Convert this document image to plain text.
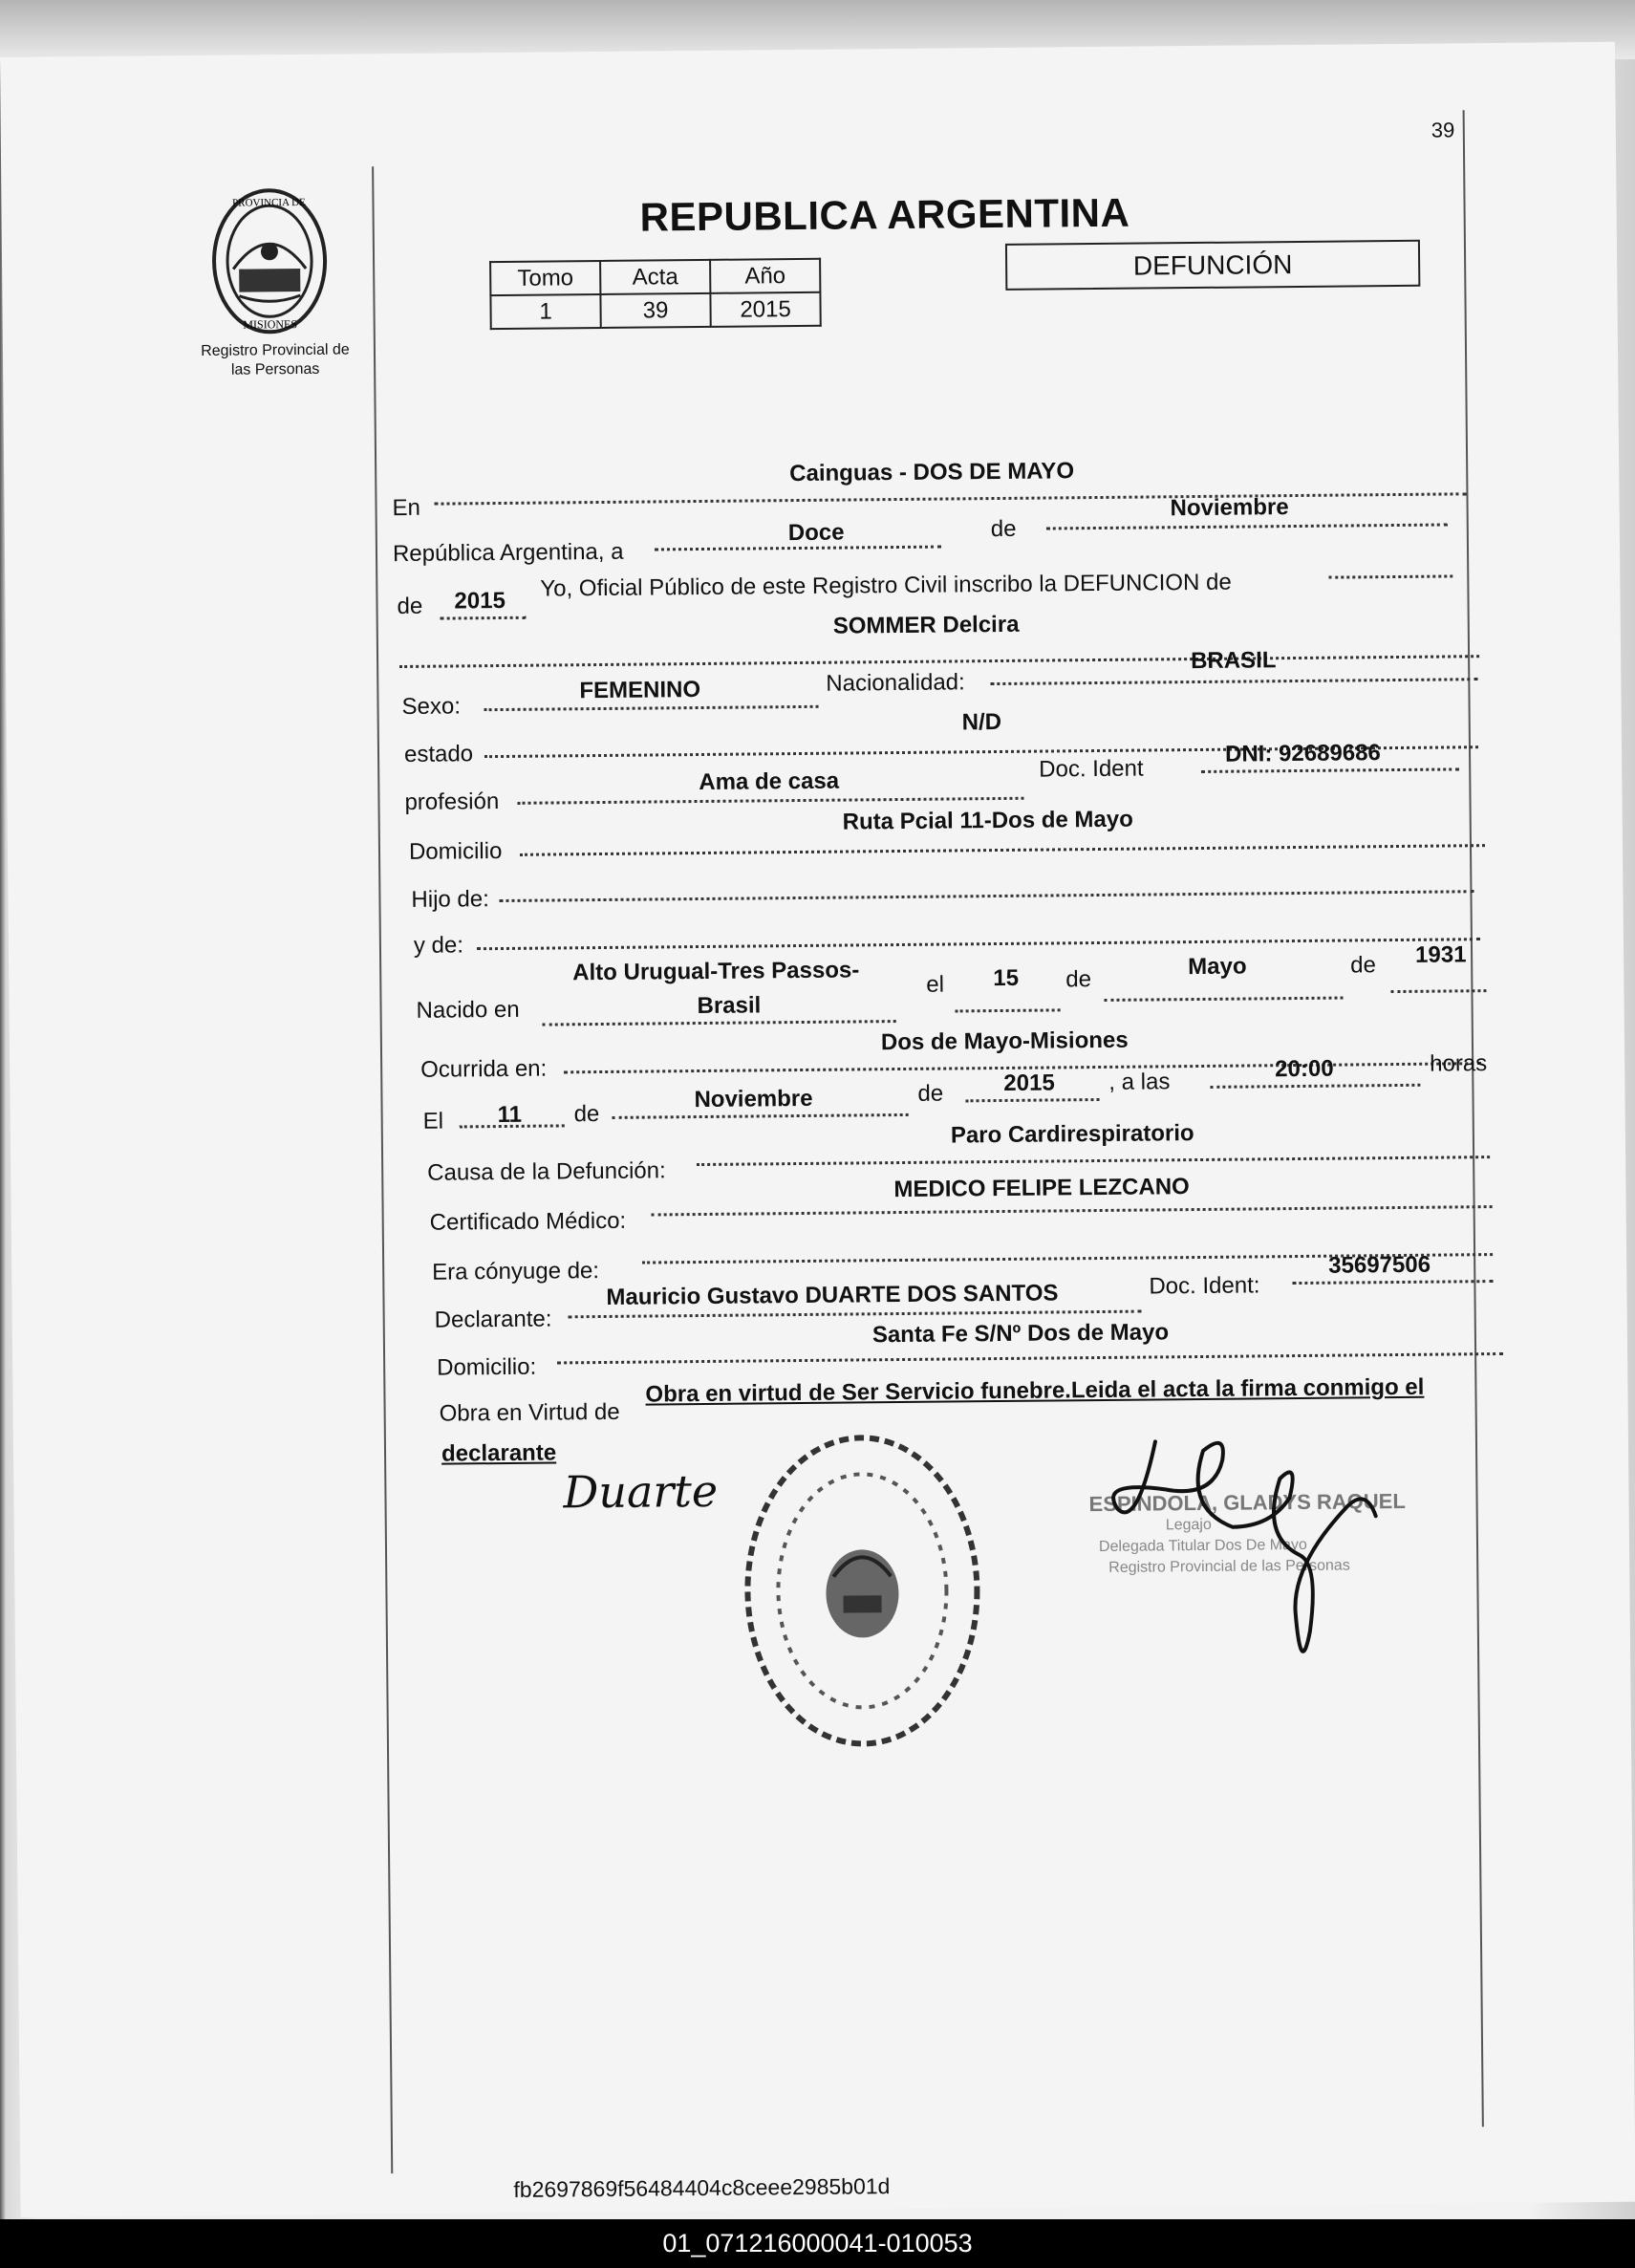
39
PROVINCIA DE
MISIONES
Registro Provincial de
las Personas
REPUBLICA ARGENTINA
Tomo	Acta	Año
1	39	2015
DEFUNCIÓN
En
Cainguas - DOS DE MAYO
República Argentina, a
Doce	de
Noviembre
de 2015 Yo, Oficial Público de este Registro Civil inscribo la DEFUNCION de
SOMMER Delcira
Sexo:
FEMENINO	Nacionalidad:
BRASIL
estado
N/D
profesión
Ama de casa	Doc. Ident
DNI: 92689686
Domicilio
Ruta Pcial 11-Dos de Mayo
Hijo de:
y de:
Nacido en
Alto Urugual-Tres Passos-
Brasil
el 15 de	Mayo	de 1931
Ocurrida en:
Dos de Mayo-Misiones
El 11 de
Noviembre	de	2015 , a las	20:00	horas
Causa de la Defunción:
Paro Cardirespiratorio
Certificado Médico:
MEDICO FELIPE LEZCANO
Era cónyuge de:
Declarante:
Mauricio Gustavo DUARTE DOS SANTOS	Doc. Ident:
35697506
Domicilio:
Santa Fe S/Nº Dos de Mayo
Obra en Virtud de
Obra en virtud de Ser Servicio funebre.Leida el acta la firma conmigo el
declarante
Duarte	ESPINDOLA, GLADYS RAQUEL
Legajo
Delegada Titular Dos De Mayo
Registro Provincial de las Personas
fb2697869f56484404c8ceee2985b01d
01_071216000041-010053
